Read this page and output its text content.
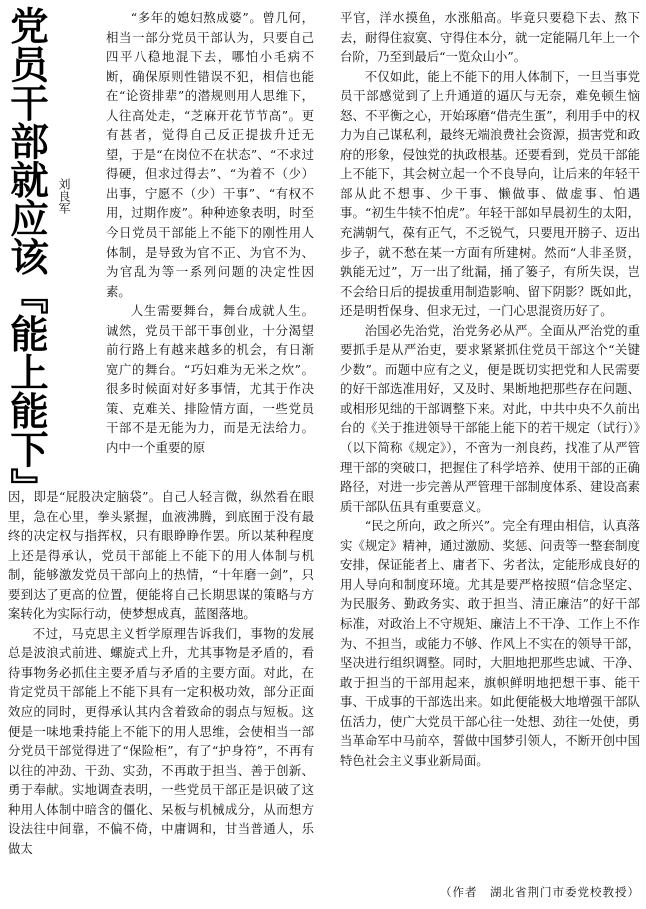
党员干部就应该『能上能下』 刘良军

“多年的媳妇熬成婆”。曾几何，相当一部分党员干部认为，只要自己四平八稳地混下去，哪怕小毛病不断，确保原则性错误不犯，相信也能在“论资排辈”的潜规则用人思维下，人往高处走，“芝麻开花节节高”。更有甚者，觉得自己反正提拔升迁无望，于是“在岗位不在状态”、“不求过得硬，但求过得去”、“为着不（少）出事，宁愿不（少）干事”、“有权不用，过期作废”。种种迹象表明，时至今日党员干部能上不能下的刚性用人体制，是导致为官不正、为官不为、为官乱为等一系列问题的决定性因素。

人生需要舞台，舞台成就人生。诚然，党员干部干事创业，十分渴望前行路上有越来越多的机会，有日渐宽广的舞台。“巧妇难为无米之炊”。很多时候面对好多事情，尤其于作决策、克难关、排险情方面，一些党员干部不是无能为力，而是无法给力。内中一个重要的原

因，即是“屁股决定脑袋”。自己人轻言微，纵然看在眼里，急在心里，拳头紧握，血液沸腾，到底囿于没有最终的决定权与指挥权，只有眼睁睁作罢。所以某种程度上还是得承认，党员干部能上不能下的用人体制与机制，能够激发党员干部向上的热情，“十年磨一剑”，只要到达了更高的位置，便能将自己长期思谋的策略与方案转化为实际行动，使梦想成真，蓝图落地。

不过，马克思主义哲学原理告诉我们，事物的发展总是波浪式前进、螺旋式上升，尤其事物是矛盾的，看待事物务必抓住主要矛盾与矛盾的主要方面。对此，在肯定党员干部能上不能下具有一定积极功效，部分正面效应的同时，更得承认其内含着致命的弱点与短板。这便是一味地秉持能上不能下的用人思维，会使相当一部分党员干部觉得进了“保险柜”，有了“护身符”，不再有以往的冲劲、干劲、实劲，不再敢于担当、善于创新、勇于奉献。实地调查表明，一些党员干部正是识破了这种用人体制中暗含的僵化、呆板与机械成分，从而想方设法往中间靠，不偏不倚，中庸调和，甘当普通人，乐做太

平官，洋水摸鱼，水涨船高。毕竟只要稳下去、熬下去，耐得住寂寞、守得住本分，就一定能隔几年上一个台阶，乃至到最后“一览众山小”。

不仅如此，能上不能下的用人体制下，一旦当事党员干部感觉到了上升通道的逼仄与无奈，难免顿生恼怒、不平衡之心，开始琢磨“借壳生蛋”，利用手中的权力为自己谋私利，最终无端浪费社会资源，损害党和政府的形象，侵蚀党的执政根基。还要看到，党员干部能上不能下，其会树立起一个不良导向，让后来的年轻干部从此不想事、少干事、懒做事、做虚事、怕遇事。“初生牛犊不怕虎”。年轻干部如早晨初生的太阳，充满朝气，葆有正气，不乏锐气，只要甩开膀子、迈出步子，就不愁在某一方面有所建树。然而“人非圣贤，孰能无过”，万一出了纰漏，捅了篓子，有所失误，岂不会给日后的提拔重用制造影响、留下阴影？既如此，还是明哲保身、但求无过，一门心思混资历好了。

治国必先治党，治党务必从严。全面从严治党的重要抓手是从严治吏，要求紧紧抓住党员干部这个“关键少数”。而题中应有之义，便是既切实把党和人民需要的好干部选准用好，又及时、果断地把那些存在问题、或相形见绌的干部调整下来。对此，中共中央不久前出台的《关于推进领导干部能上能下的若干规定（试行）》（以下简称《规定》），不啻为一剂良药，找准了从严管理干部的突破口，把握住了科学培养、使用干部的正确路径，对进一步完善从严管理干部制度体系、建设高素质干部队伍具有重要意义。

“民之所向，政之所兴”。完全有理由相信，认真落实《规定》精神，通过激励、奖惩、问责等一整套制度安排，保证能者上、庸者下、劣者汰，定能形成良好的用人导向和制度环境。尤其是要严格按照“信念坚定、为民服务、勤政务实、敢于担当、清正廉洁”的好干部标准，对政治上不守规矩、廉洁上不干净、工作上不作为、不担当，或能力不够、作风上不实在的领导干部，坚决进行组织调整。同时，大胆地把那些忠诚、干净、敢于担当的干部用起来，旗帜鲜明地把想干事、能干事、干成事的干部选出来。如此便能极大地增强干部队伍活力，使广大党员干部心往一处想、劲往一处使，勇当革命军中马前卒，誓做中国梦引领人，不断开创中国特色社会主义事业新局面。

（作者　湖北省荆门市委党校教授）
